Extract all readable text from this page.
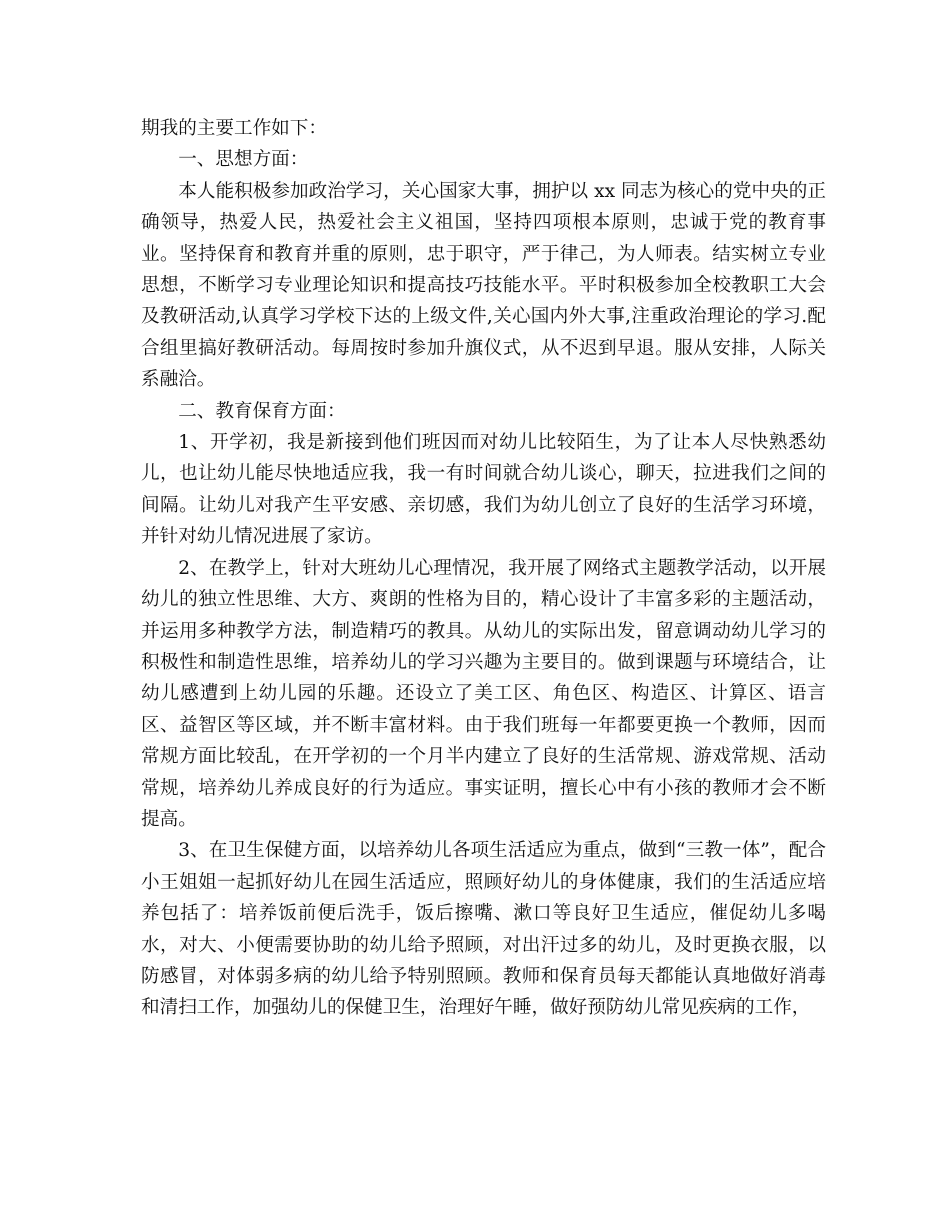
期我的主要工作如下：

一、思想方面：

本人能积极参加政治学习，关心国家大事，拥护以 xx 同志为核心的党中央的正确领导，热爱人民，热爱社会主义祖国，坚持四项根本原则，忠诚于党的教育事业。坚持保育和教育并重的原则，忠于职守，严于律己，为人师表。结实树立专业思想，不断学习专业理论知识和提高技巧技能水平。平时积极参加全校教职工大会及教研活动,认真学习学校下达的上级文件,关心国内外大事,注重政治理论的学习.配合组里搞好教研活动。每周按时参加升旗仪式，从不迟到早退。服从安排，人际关系融洽。

二、教育保育方面：

1、开学初，我是新接到他们班因而对幼儿比较陌生，为了让本人尽快熟悉幼儿，也让幼儿能尽快地适应我，我一有时间就合幼儿谈心，聊天，拉进我们之间的间隔。让幼儿对我产生平安感、亲切感，我们为幼儿创立了良好的生活学习环境，并针对幼儿情况进展了家访。

2、在教学上，针对大班幼儿心理情况，我开展了网络式主题教学活动，以开展幼儿的独立性思维、大方、爽朗的性格为目的，精心设计了丰富多彩的主题活动，并运用多种教学方法，制造精巧的教具。从幼儿的实际出发，留意调动幼儿学习的积极性和制造性思维，培养幼儿的学习兴趣为主要目的。做到课题与环境结合，让幼儿感遭到上幼儿园的乐趣。还设立了美工区、角色区、构造区、计算区、语言区、益智区等区域，并不断丰富材料。由于我们班每一年都要更换一个教师，因而常规方面比较乱，在开学初的一个月半内建立了良好的生活常规、游戏常规、活动常规，培养幼儿养成良好的行为适应。事实证明，擅长心中有小孩的教师才会不断提高。

3、在卫生保健方面，以培养幼儿各项生活适应为重点，做到“三教一体”，配合小王姐姐一起抓好幼儿在园生活适应，照顾好幼儿的身体健康，我们的生活适应培养包括了：培养饭前便后洗手，饭后擦嘴、漱口等良好卫生适应，催促幼儿多喝水，对大、小便需要协助的幼儿给予照顾，对出汗过多的幼儿，及时更换衣服，以防感冒，对体弱多病的幼儿给予特别照顾。教师和保育员每天都能认真地做好消毒和清扫工作，加强幼儿的保健卫生，治理好午睡，做好预防幼儿常见疾病的工作，
